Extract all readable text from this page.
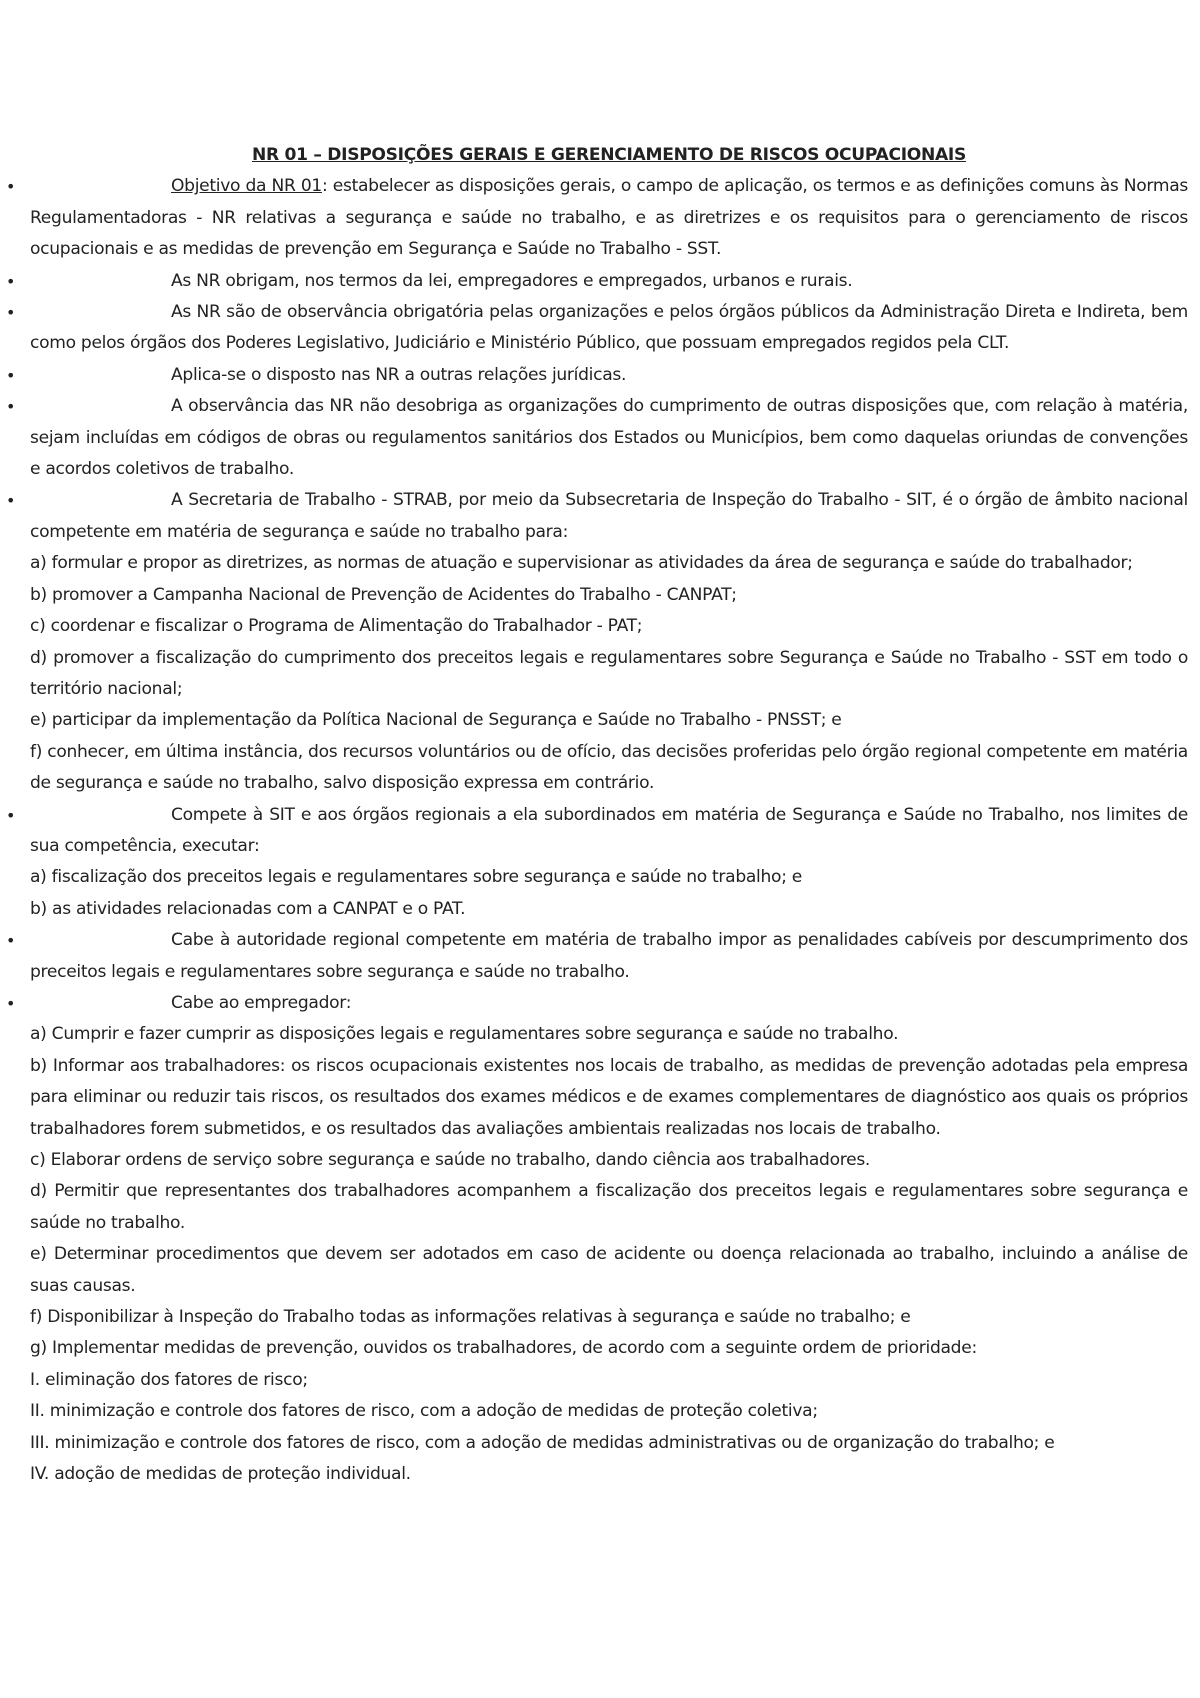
NR 01 – DISPOSIÇÕES GERAIS E GERENCIAMENTO DE RISCOS OCUPACIONAIS

•	Objetivo da NR 01: estabelecer as disposições gerais, o campo de aplicação, os termos e as definições comuns às Normas Regulamentadoras - NR relativas a segurança e saúde no trabalho, e as diretrizes e os requisitos para o gerenciamento de riscos ocupacionais e as medidas de prevenção em Segurança e Saúde no Trabalho - SST.

•	As NR obrigam, nos termos da lei, empregadores e empregados, urbanos e rurais.

•	As NR são de observância obrigatória pelas organizações e pelos órgãos públicos da Administração Direta e Indireta, bem como pelos órgãos dos Poderes Legislativo, Judiciário e Ministério Público, que possuam empregados regidos pela CLT.

•	Aplica-se o disposto nas NR a outras relações jurídicas.

•	A observância das NR não desobriga as organizações do cumprimento de outras disposições que, com relação à matéria, sejam incluídas em códigos de obras ou regulamentos sanitários dos Estados ou Municípios, bem como daquelas oriundas de convenções e acordos coletivos de trabalho.

•	A Secretaria de Trabalho - STRAB, por meio da Subsecretaria de Inspeção do Trabalho - SIT, é o órgão de âmbito nacional competente em matéria de segurança e saúde no trabalho para:

a) formular e propor as diretrizes, as normas de atuação e supervisionar as atividades da área de segurança e saúde do trabalhador;

b) promover a Campanha Nacional de Prevenção de Acidentes do Trabalho - CANPAT;

c) coordenar e fiscalizar o Programa de Alimentação do Trabalhador - PAT;

d) promover a fiscalização do cumprimento dos preceitos legais e regulamentares sobre Segurança e Saúde no Trabalho - SST em todo o território nacional;

e) participar da implementação da Política Nacional de Segurança e Saúde no Trabalho - PNSST; e

f) conhecer, em última instância, dos recursos voluntários ou de ofício, das decisões proferidas pelo órgão regional competente em matéria de segurança e saúde no trabalho, salvo disposição expressa em contrário.

•	Compete à SIT e aos órgãos regionais a ela subordinados em matéria de Segurança e Saúde no Trabalho, nos limites de sua competência, executar:

a) fiscalização dos preceitos legais e regulamentares sobre segurança e saúde no trabalho; e

b) as atividades relacionadas com a CANPAT e o PAT.

•	Cabe à autoridade regional competente em matéria de trabalho impor as penalidades cabíveis por descumprimento dos preceitos legais e regulamentares sobre segurança e saúde no trabalho.

•	Cabe ao empregador:

a) Cumprir e fazer cumprir as disposições legais e regulamentares sobre segurança e saúde no trabalho.

b) Informar aos trabalhadores: os riscos ocupacionais existentes nos locais de trabalho, as medidas de prevenção adotadas pela empresa para eliminar ou reduzir tais riscos, os resultados dos exames médicos e de exames complementares de diagnóstico aos quais os próprios trabalhadores forem submetidos, e os resultados das avaliações ambientais realizadas nos locais de trabalho.

c) Elaborar ordens de serviço sobre segurança e saúde no trabalho, dando ciência aos trabalhadores.

d) Permitir que representantes dos trabalhadores acompanhem a fiscalização dos preceitos legais e regulamentares sobre segurança e saúde no trabalho.

e) Determinar procedimentos que devem ser adotados em caso de acidente ou doença relacionada ao trabalho, incluindo a análise de suas causas.

f) Disponibilizar à Inspeção do Trabalho todas as informações relativas à segurança e saúde no trabalho; e

g) Implementar medidas de prevenção, ouvidos os trabalhadores, de acordo com a seguinte ordem de prioridade:

I. eliminação dos fatores de risco;

II. minimização e controle dos fatores de risco, com a adoção de medidas de proteção coletiva;

III. minimização e controle dos fatores de risco, com a adoção de medidas administrativas ou de organização do trabalho; e

IV. adoção de medidas de proteção individual.
